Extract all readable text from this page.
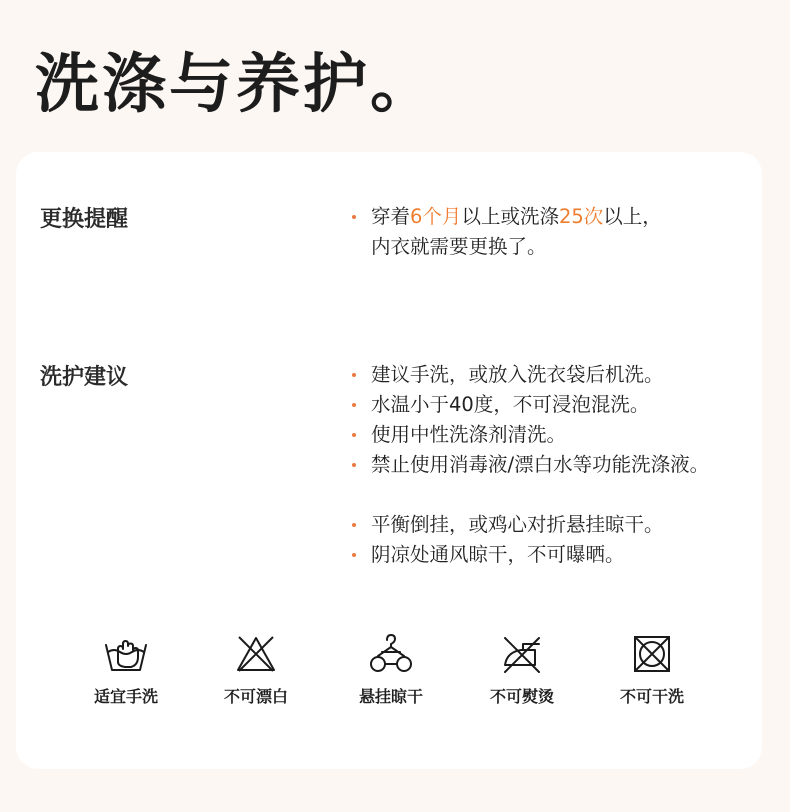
洗涤与养护。
更换提醒	穿着6个月以上或洗涤25次以上，
内衣就需要更换了。
洗护建议	建议手洗，或放入洗衣袋后机洗。
水温小于40度，不可浸泡混洗。
使用中性洗涤剂清洗。
禁止使用消毒液/漂白水等功能洗涤液。
平衡倒挂，或鸡心对折悬挂晾干。
阴凉处通风晾干，不可曝晒。
适宜手洗	不可漂白	悬挂晾干	不可熨烫	不可干洗
